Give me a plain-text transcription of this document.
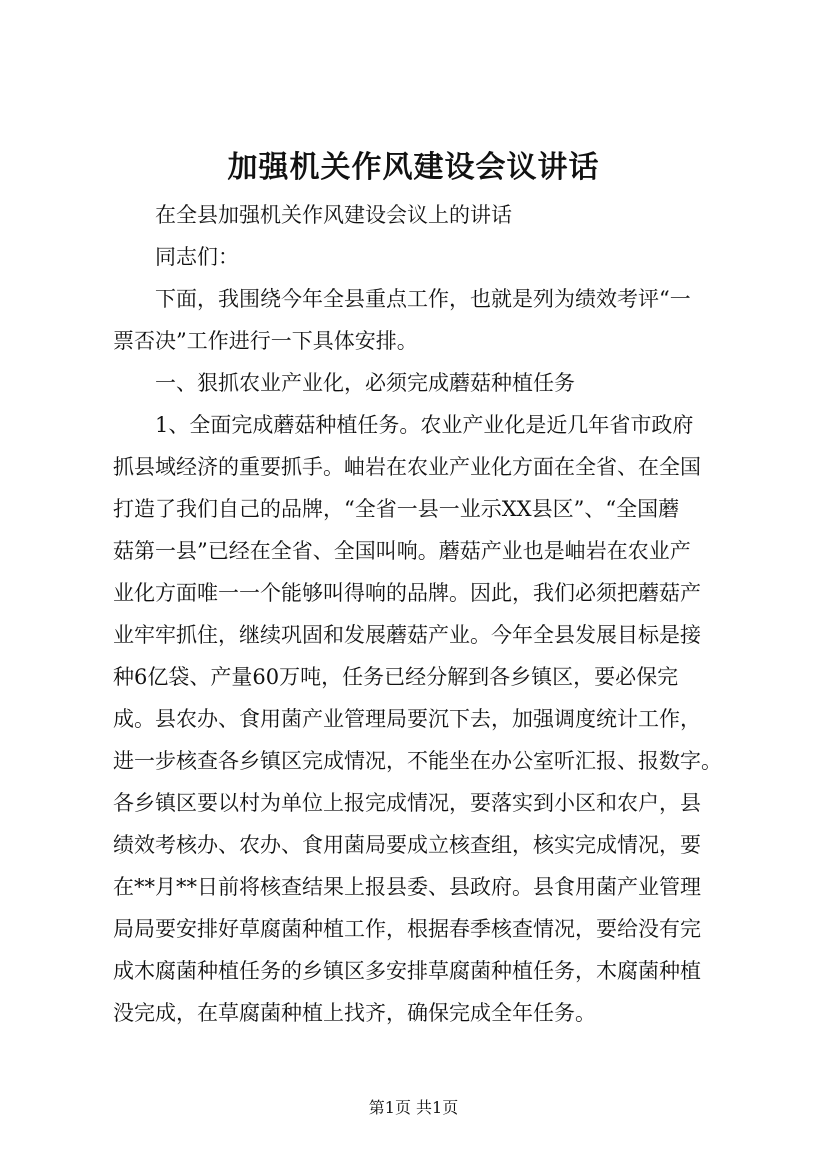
加强机关作风建设会议讲话
在全县加强机关作风建设会议上的讲话
同志们：
下面，我围绕今年全县重点工作，也就是列为绩效考评“一
票否决”工作进行一下具体安排。
一、狠抓农业产业化，必须完成蘑菇种植任务
1、全面完成蘑菇种植任务。农业产业化是近几年省市政府
抓县域经济的重要抓手。岫岩在农业产业化方面在全省、在全国
打造了我们自己的品牌，“全省一县一业示XX县区”、“全国蘑
菇第一县”已经在全省、全国叫响。蘑菇产业也是岫岩在农业产
业化方面唯一一个能够叫得响的品牌。因此，我们必须把蘑菇产
业牢牢抓住，继续巩固和发展蘑菇产业。今年全县发展目标是接
种6亿袋、产量60万吨，任务已经分解到各乡镇区，要必保完
成。县农办、食用菌产业管理局要沉下去，加强调度统计工作，
进一步核查各乡镇区完成情况，不能坐在办公室听汇报、报数字。
各乡镇区要以村为单位上报完成情况，要落实到小区和农户，县
绩效考核办、农办、食用菌局要成立核查组，核实完成情况，要
在**月**日前将核查结果上报县委、县政府。县食用菌产业管理
局局要安排好草腐菌种植工作，根据春季核查情况，要给没有完
成木腐菌种植任务的乡镇区多安排草腐菌种植任务，木腐菌种植
没完成，在草腐菌种植上找齐，确保完成全年任务。
第1页 共1页
